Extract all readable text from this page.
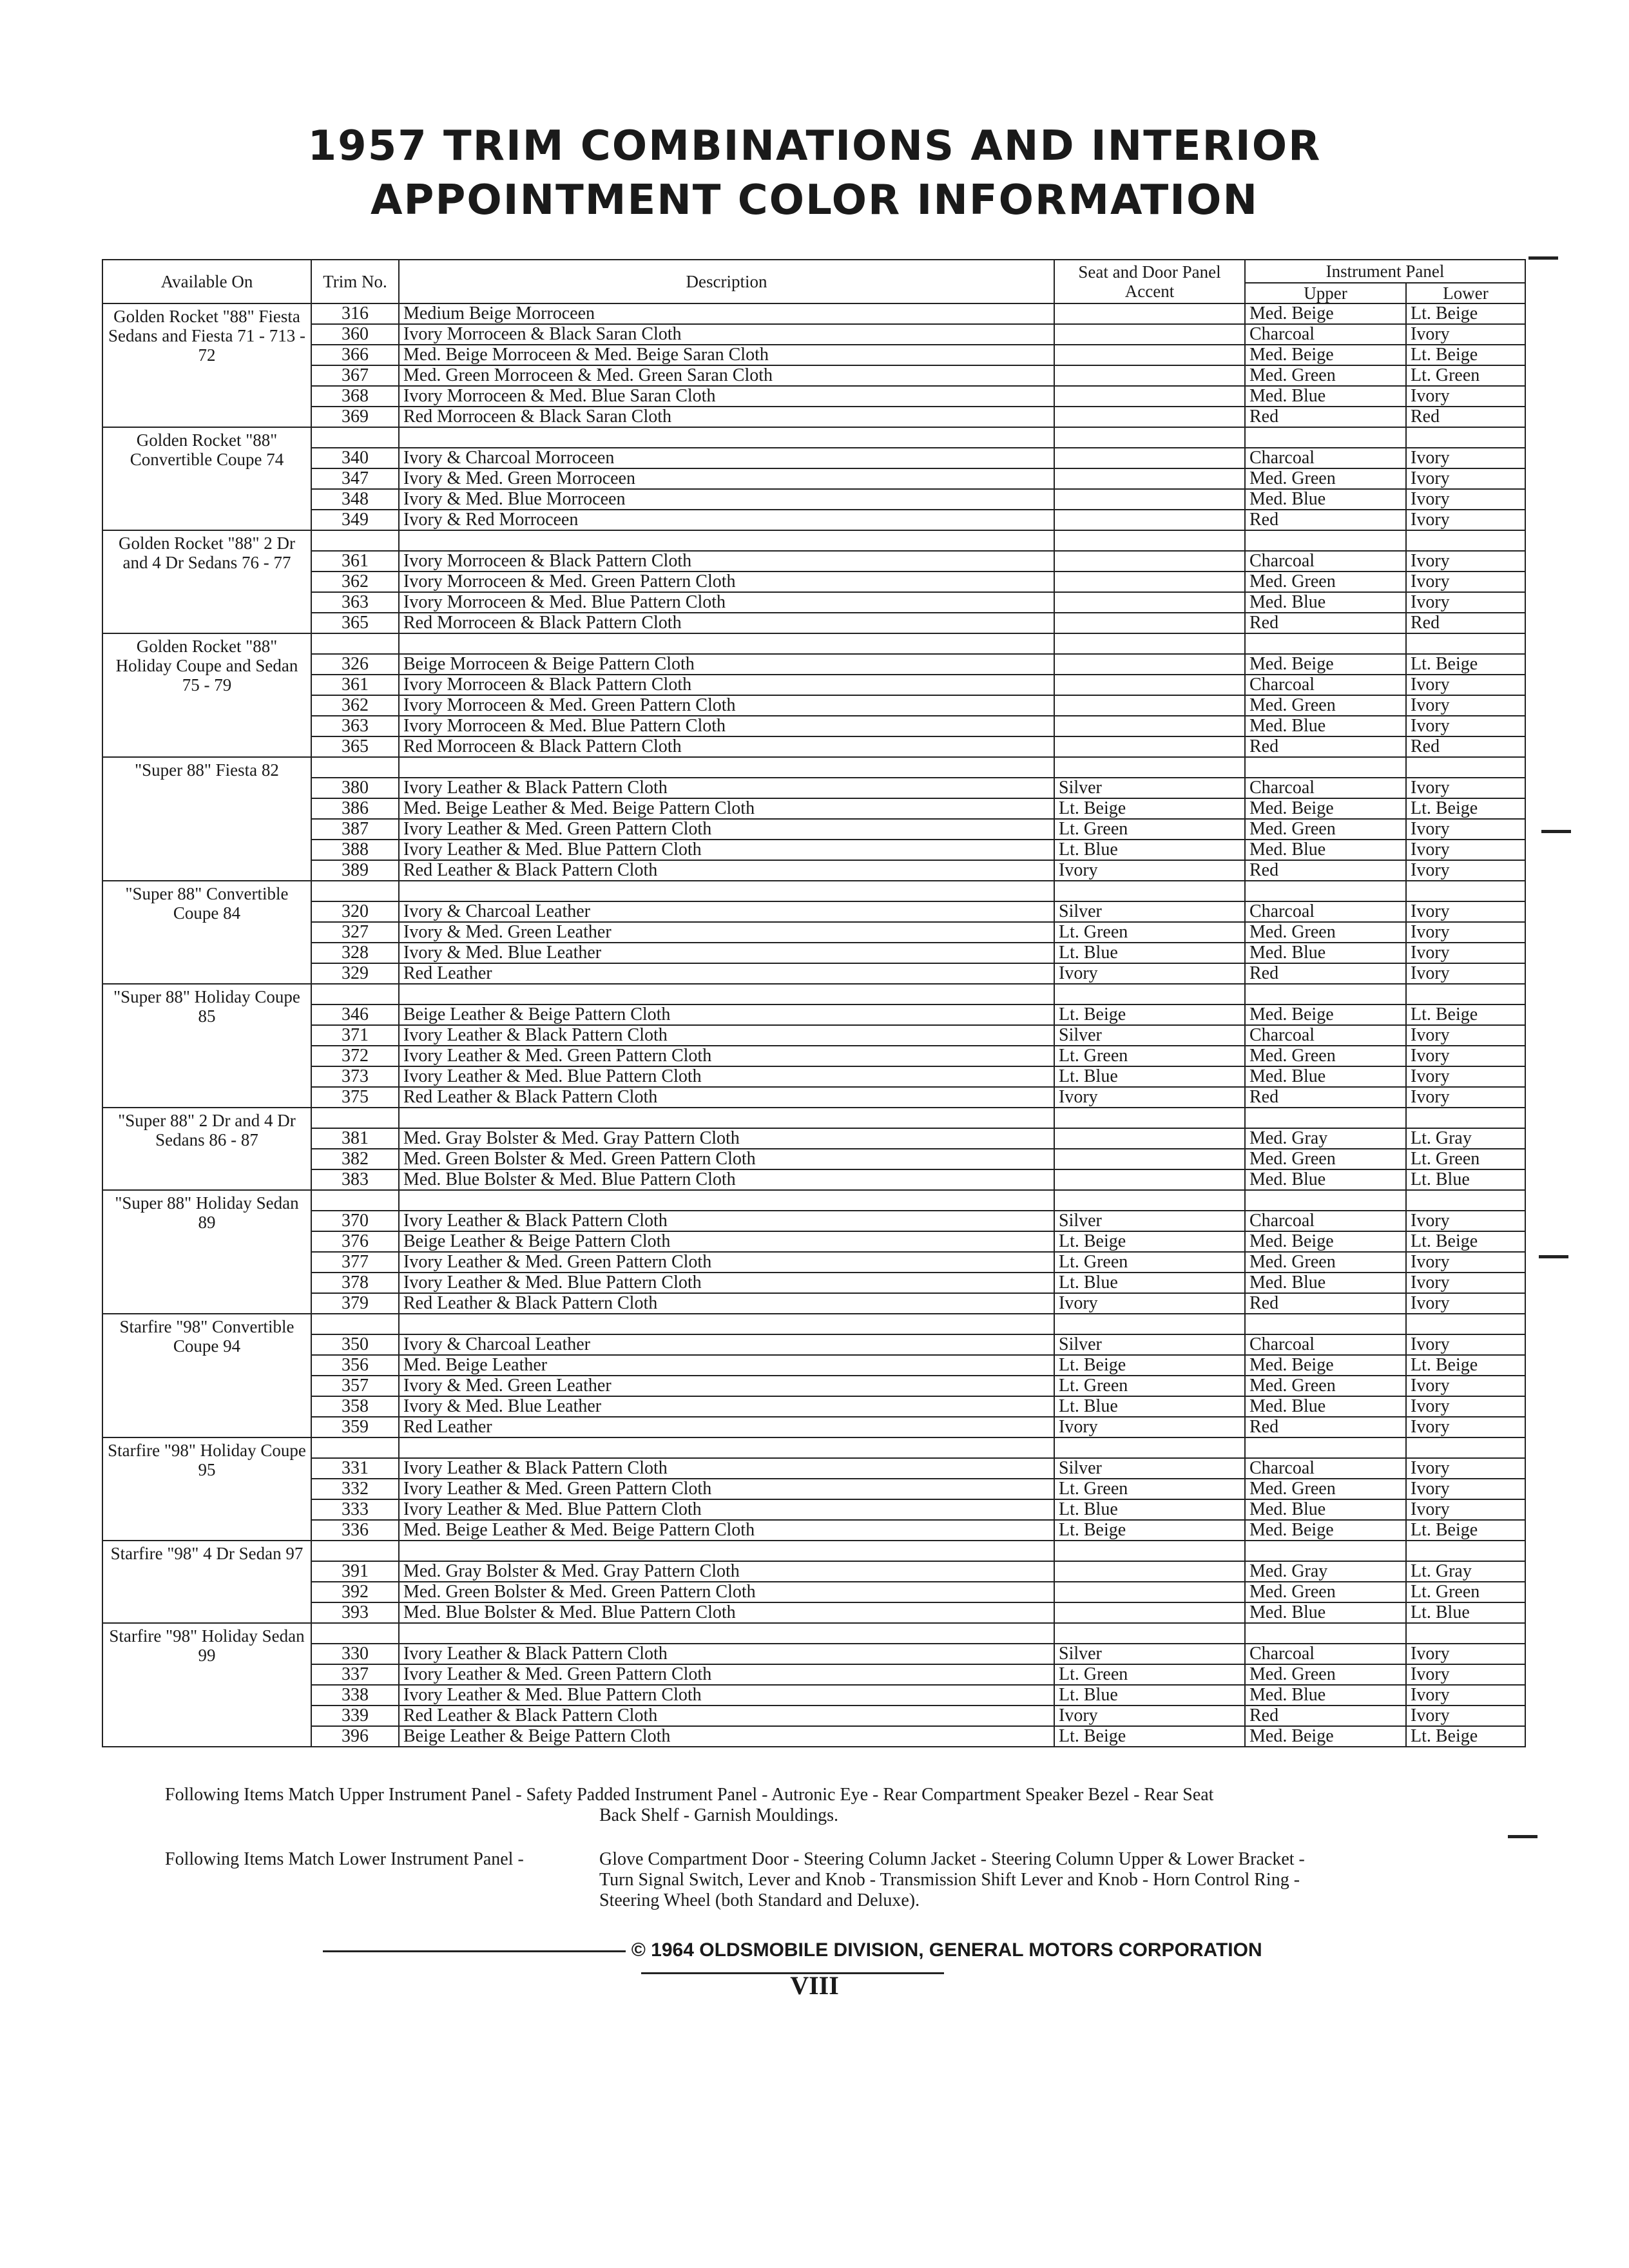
1957 TRIM COMBINATIONS AND INTERIOR
APPOINTMENT COLOR INFORMATION
Available On	Trim No.	Description	Seat and Door Panel Accent	Instrument Panel	
				Upper	Lower
Golden Rocket "88" Fiesta Sedans and Fiesta 71 - 713 - 72	316	Medium Beige Morroceen		Med. Beige	Lt. Beige
	360	Ivory Morroceen & Black Saran Cloth		Charcoal	Ivory
	366	Med. Beige Morroceen & Med. Beige Saran Cloth		Med. Beige	Lt. Beige
	367	Med. Green Morroceen & Med. Green Saran Cloth		Med. Green	Lt. Green
	368	Ivory Morroceen & Med. Blue Saran Cloth		Med. Blue	Ivory
	369	Red Morroceen & Black Saran Cloth		Red	Red
Golden Rocket "88" Convertible Coupe 74					
	340	Ivory & Charcoal Morroceen		Charcoal	Ivory
	347	Ivory & Med. Green Morroceen		Med. Green	Ivory
	348	Ivory & Med. Blue Morroceen		Med. Blue	Ivory
	349	Ivory & Red Morroceen		Red	Ivory
Golden Rocket "88" 2 Dr and 4 Dr Sedans 76 - 77					
	361	Ivory Morroceen & Black Pattern Cloth		Charcoal	Ivory
	362	Ivory Morroceen & Med. Green Pattern Cloth		Med. Green	Ivory
	363	Ivory Morroceen & Med. Blue Pattern Cloth		Med. Blue	Ivory
	365	Red Morroceen & Black Pattern Cloth		Red	Red
Golden Rocket "88" Holiday Coupe and Sedan 75 - 79					
	326	Beige Morroceen & Beige Pattern Cloth		Med. Beige	Lt. Beige
	361	Ivory Morroceen & Black Pattern Cloth		Charcoal	Ivory
	362	Ivory Morroceen & Med. Green Pattern Cloth		Med. Green	Ivory
	363	Ivory Morroceen & Med. Blue Pattern Cloth		Med. Blue	Ivory
	365	Red Morroceen & Black Pattern Cloth		Red	Red
"Super 88" Fiesta 82					
	380	Ivory Leather & Black Pattern Cloth	Silver	Charcoal	Ivory
	386	Med. Beige Leather & Med. Beige Pattern Cloth	Lt. Beige	Med. Beige	Lt. Beige
	387	Ivory Leather & Med. Green Pattern Cloth	Lt. Green	Med. Green	Ivory
	388	Ivory Leather & Med. Blue Pattern Cloth	Lt. Blue	Med. Blue	Ivory
	389	Red Leather & Black Pattern Cloth	Ivory	Red	Ivory
"Super 88" Convertible Coupe 84					
	320	Ivory & Charcoal Leather	Silver	Charcoal	Ivory
	327	Ivory & Med. Green Leather	Lt. Green	Med. Green	Ivory
	328	Ivory & Med. Blue Leather	Lt. Blue	Med. Blue	Ivory
	329	Red Leather	Ivory	Red	Ivory
"Super 88" Holiday Coupe 85					
	346	Beige Leather & Beige Pattern Cloth	Lt. Beige	Med. Beige	Lt. Beige
	371	Ivory Leather & Black Pattern Cloth	Silver	Charcoal	Ivory
	372	Ivory Leather & Med. Green Pattern Cloth	Lt. Green	Med. Green	Ivory
	373	Ivory Leather & Med. Blue Pattern Cloth	Lt. Blue	Med. Blue	Ivory
	375	Red Leather & Black Pattern Cloth	Ivory	Red	Ivory
"Super 88" 2 Dr and 4 Dr Sedans 86 - 87					
	381	Med. Gray Bolster & Med. Gray Pattern Cloth		Med. Gray	Lt. Gray
	382	Med. Green Bolster & Med. Green Pattern Cloth		Med. Green	Lt. Green
	383	Med. Blue Bolster & Med. Blue Pattern Cloth		Med. Blue	Lt. Blue
"Super 88" Holiday Sedan 89					
	370	Ivory Leather & Black Pattern Cloth	Silver	Charcoal	Ivory
	376	Beige Leather & Beige Pattern Cloth	Lt. Beige	Med. Beige	Lt. Beige
	377	Ivory Leather & Med. Green Pattern Cloth	Lt. Green	Med. Green	Ivory
	378	Ivory Leather & Med. Blue Pattern Cloth	Lt. Blue	Med. Blue	Ivory
	379	Red Leather & Black Pattern Cloth	Ivory	Red	Ivory
Starfire "98" Convertible Coupe 94					
	350	Ivory & Charcoal Leather	Silver	Charcoal	Ivory
	356	Med. Beige Leather	Lt. Beige	Med. Beige	Lt. Beige
	357	Ivory & Med. Green Leather	Lt. Green	Med. Green	Ivory
	358	Ivory & Med. Blue Leather	Lt. Blue	Med. Blue	Ivory
	359	Red Leather	Ivory	Red	Ivory
Starfire "98" Holiday Coupe 95					
	331	Ivory Leather & Black Pattern Cloth	Silver	Charcoal	Ivory
	332	Ivory Leather & Med. Green Pattern Cloth	Lt. Green	Med. Green	Ivory
	333	Ivory Leather & Med. Blue Pattern Cloth	Lt. Blue	Med. Blue	Ivory
	336	Med. Beige Leather & Med. Beige Pattern Cloth	Lt. Beige	Med. Beige	Lt. Beige
Starfire "98" 4 Dr Sedan 97					
	391	Med. Gray Bolster & Med. Gray Pattern Cloth		Med. Gray	Lt. Gray
	392	Med. Green Bolster & Med. Green Pattern Cloth		Med. Green	Lt. Green
	393	Med. Blue Bolster & Med. Blue Pattern Cloth		Med. Blue	Lt. Blue
Starfire "98" Holiday Sedan 99					
	330	Ivory Leather & Black Pattern Cloth	Silver	Charcoal	Ivory
	337	Ivory Leather & Med. Green Pattern Cloth	Lt. Green	Med. Green	Ivory
	338	Ivory Leather & Med. Blue Pattern Cloth	Lt. Blue	Med. Blue	Ivory
	339	Red Leather & Black Pattern Cloth	Ivory	Red	Ivory
	396	Beige Leather & Beige Pattern Cloth	Lt. Beige	Med. Beige	Lt. Beige
Following Items Match Upper Instrument Panel - Safety Padded Instrument Panel - Autronic Eye - Rear Compartment Speaker Bezel - Rear Seat
Back Shelf - Garnish Mouldings.
Following Items Match Lower Instrument Panel -	Glove Compartment Door - Steering Column Jacket - Steering Column Upper & Lower Bracket -
Turn Signal Switch, Lever and Knob - Transmission Shift Lever and Knob - Horn Control Ring -
Steering Wheel (both Standard and Deluxe).
© 1964 OLDSMOBILE DIVISION, GENERAL MOTORS CORPORATION
VIII
